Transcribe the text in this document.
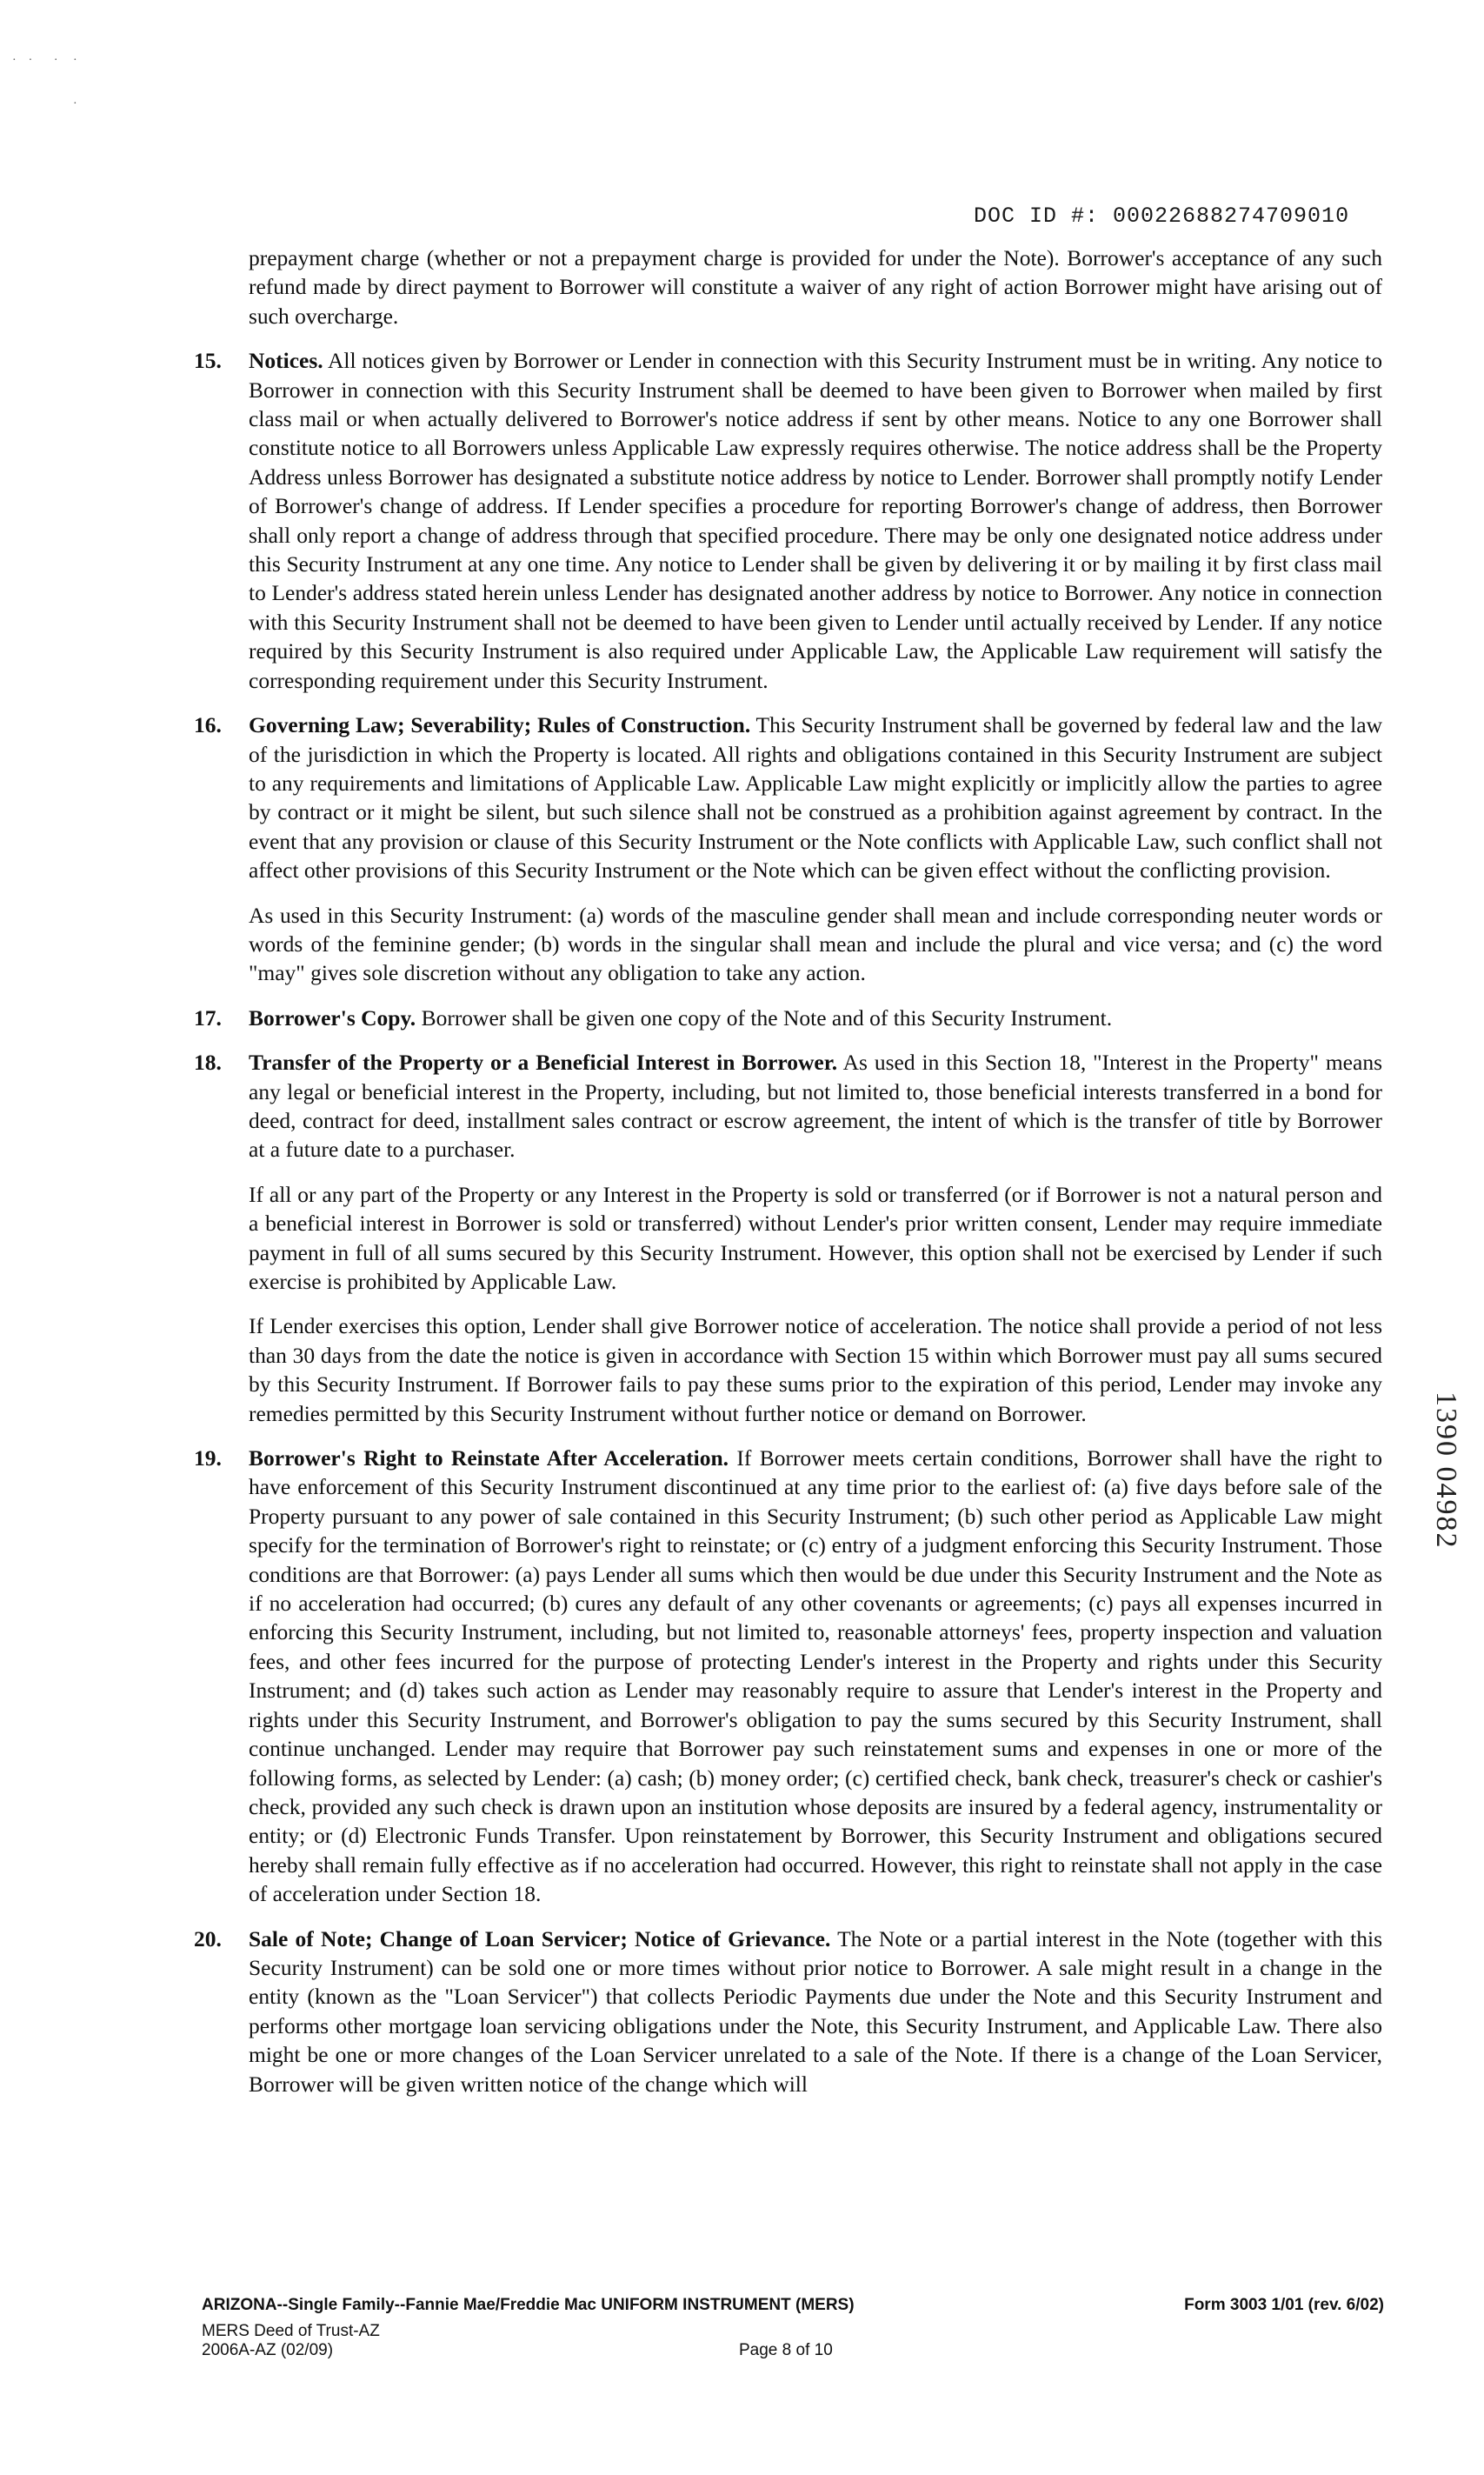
·    ·       ·     ·
·
DOC ID #: 00022688274709010

prepayment charge (whether or not a prepayment charge is provided for under the Note). Borrower's acceptance of any such refund made by direct payment to Borrower will constitute a waiver of any right of action Borrower might have arising out of such overcharge.

15. Notices. All notices given by Borrower or Lender in connection with this Security Instrument must be in writing. Any notice to Borrower in connection with this Security Instrument shall be deemed to have been given to Borrower when mailed by first class mail or when actually delivered to Borrower's notice address if sent by other means. Notice to any one Borrower shall constitute notice to all Borrowers unless Applicable Law expressly requires otherwise. The notice address shall be the Property Address unless Borrower has designated a substitute notice address by notice to Lender. Borrower shall promptly notify Lender of Borrower's change of address. If Lender specifies a procedure for reporting Borrower's change of address, then Borrower shall only report a change of address through that specified procedure. There may be only one designated notice address under this Security Instrument at any one time. Any notice to Lender shall be given by delivering it or by mailing it by first class mail to Lender's address stated herein unless Lender has designated another address by notice to Borrower. Any notice in connection with this Security Instrument shall not be deemed to have been given to Lender until actually received by Lender. If any notice required by this Security Instrument is also required under Applicable Law, the Applicable Law requirement will satisfy the corresponding requirement under this Security Instrument.

16. Governing Law; Severability; Rules of Construction. This Security Instrument shall be governed by federal law and the law of the jurisdiction in which the Property is located. All rights and obligations contained in this Security Instrument are subject to any requirements and limitations of Applicable Law. Applicable Law might explicitly or implicitly allow the parties to agree by contract or it might be silent, but such silence shall not be construed as a prohibition against agreement by contract. In the event that any provision or clause of this Security Instrument or the Note conflicts with Applicable Law, such conflict shall not affect other provisions of this Security Instrument or the Note which can be given effect without the conflicting provision.

As used in this Security Instrument: (a) words of the masculine gender shall mean and include corresponding neuter words or words of the feminine gender; (b) words in the singular shall mean and include the plural and vice versa; and (c) the word "may" gives sole discretion without any obligation to take any action.

17. Borrower's Copy. Borrower shall be given one copy of the Note and of this Security Instrument.

18. Transfer of the Property or a Beneficial Interest in Borrower. As used in this Section 18, "Interest in the Property" means any legal or beneficial interest in the Property, including, but not limited to, those beneficial interests transferred in a bond for deed, contract for deed, installment sales contract or escrow agreement, the intent of which is the transfer of title by Borrower at a future date to a purchaser.

If all or any part of the Property or any Interest in the Property is sold or transferred (or if Borrower is not a natural person and a beneficial interest in Borrower is sold or transferred) without Lender's prior written consent, Lender may require immediate payment in full of all sums secured by this Security Instrument. However, this option shall not be exercised by Lender if such exercise is prohibited by Applicable Law.

If Lender exercises this option, Lender shall give Borrower notice of acceleration. The notice shall provide a period of not less than 30 days from the date the notice is given in accordance with Section 15 within which Borrower must pay all sums secured by this Security Instrument. If Borrower fails to pay these sums prior to the expiration of this period, Lender may invoke any remedies permitted by this Security Instrument without further notice or demand on Borrower.

19. Borrower's Right to Reinstate After Acceleration. If Borrower meets certain conditions, Borrower shall have the right to have enforcement of this Security Instrument discontinued at any time prior to the earliest of: (a) five days before sale of the Property pursuant to any power of sale contained in this Security Instrument; (b) such other period as Applicable Law might specify for the termination of Borrower's right to reinstate; or (c) entry of a judgment enforcing this Security Instrument. Those conditions are that Borrower: (a) pays Lender all sums which then would be due under this Security Instrument and the Note as if no acceleration had occurred; (b) cures any default of any other covenants or agreements; (c) pays all expenses incurred in enforcing this Security Instrument, including, but not limited to, reasonable attorneys' fees, property inspection and valuation fees, and other fees incurred for the purpose of protecting Lender's interest in the Property and rights under this Security Instrument; and (d) takes such action as Lender may reasonably require to assure that Lender's interest in the Property and rights under this Security Instrument, and Borrower's obligation to pay the sums secured by this Security Instrument, shall continue unchanged. Lender may require that Borrower pay such reinstatement sums and expenses in one or more of the following forms, as selected by Lender: (a) cash; (b) money order; (c) certified check, bank check, treasurer's check or cashier's check, provided any such check is drawn upon an institution whose deposits are insured by a federal agency, instrumentality or entity; or (d) Electronic Funds Transfer. Upon reinstatement by Borrower, this Security Instrument and obligations secured hereby shall remain fully effective as if no acceleration had occurred. However, this right to reinstate shall not apply in the case of acceleration under Section 18.

20. Sale of Note; Change of Loan Servicer; Notice of Grievance. The Note or a partial interest in the Note (together with this Security Instrument) can be sold one or more times without prior notice to Borrower. A sale might result in a change in the entity (known as the "Loan Servicer") that collects Periodic Payments due under the Note and this Security Instrument and performs other mortgage loan servicing obligations under the Note, this Security Instrument, and Applicable Law. There also might be one or more changes of the Loan Servicer unrelated to a sale of the Note. If there is a change of the Loan Servicer, Borrower will be given written notice of the change which will

1390 04982
ARIZONA--Single Family--Fannie Mae/Freddie Mac UNIFORM INSTRUMENT (MERS)	Form 3003 1/01 (rev. 6/02)
MERS Deed of Trust-AZ
2006A-AZ (02/09)	Page 8 of 10
